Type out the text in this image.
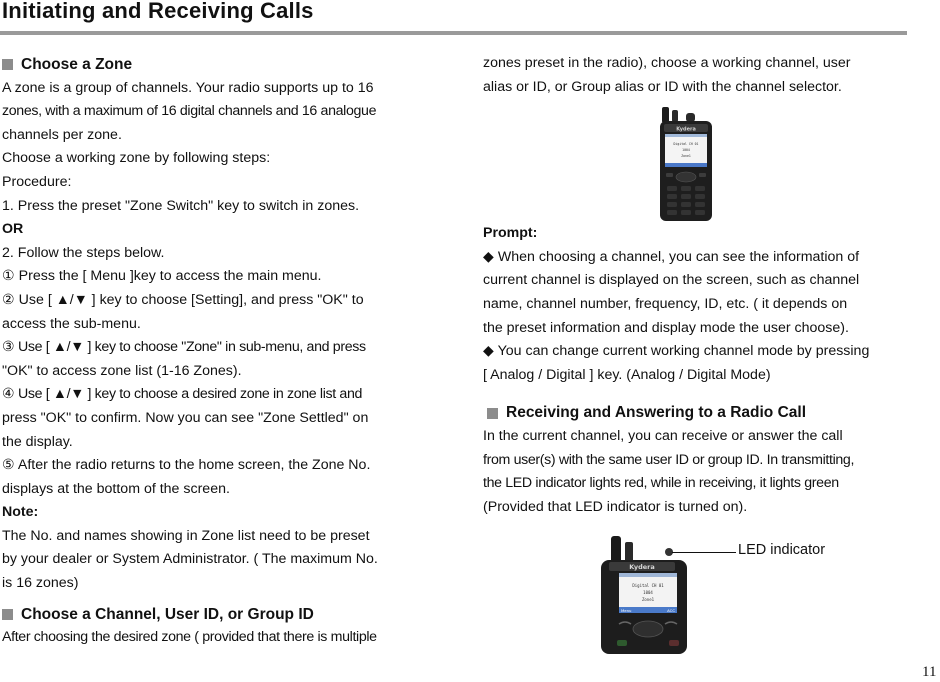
Initiating and Receiving Calls

Choose a Zone

A zone is a group of channels. Your radio supports up to 16

zones, with a maximum of 16 digital channels and 16 analogue

channels per zone.

Choose a working zone by following steps:

Procedure:

1. Press the preset "Zone Switch" key to switch in zones.

OR

2. Follow the steps below.

① Press the [ Menu ]key to access the main menu.

② Use [ ▲/▼ ] key to choose [Setting], and press "OK" to

access the sub-menu.

③ Use [ ▲/▼ ] key to choose "Zone" in sub-menu, and press

"OK" to access zone list (1-16 Zones).

④ Use [ ▲/▼ ] key to choose a desired zone in zone list and

press "OK" to confirm. Now you can see "Zone Settled" on

the display.

⑤ After the radio returns to the home screen, the Zone No.

displays at the bottom of the screen.

Note:

The No. and names showing in Zone list need to be preset

by your dealer or System Administrator. ( The maximum No.

is 16 zones)

Choose a Channel, User ID, or Group ID

After choosing the desired zone ( provided that there is multiple

zones preset in the radio), choose a working channel, user

alias or ID, or Group alias or ID with the channel selector.

Prompt:

◆ When choosing a channel, you can see the information of

current channel is displayed on the screen, such as channel

name, channel number, frequency, ID, etc. ( it depends on

the preset information and display mode the user choose).

◆ You can change current working channel mode by pressing

[ Analog / Digital ] key. (Analog / Digital Mode)

Receiving and Answering to a Radio Call

In the current channel, you can receive or answer the call

from user(s) with the same user ID or group ID. In transmitting,

the LED indicator lights red, while in receiving, it lights green

(Provided that LED indicator is turned on).

Kydera
Digital CH 01
1004
Zone1
Kydera
Digital CH 01
1004
Zone1
Menu	ACC
LED indicator
11
